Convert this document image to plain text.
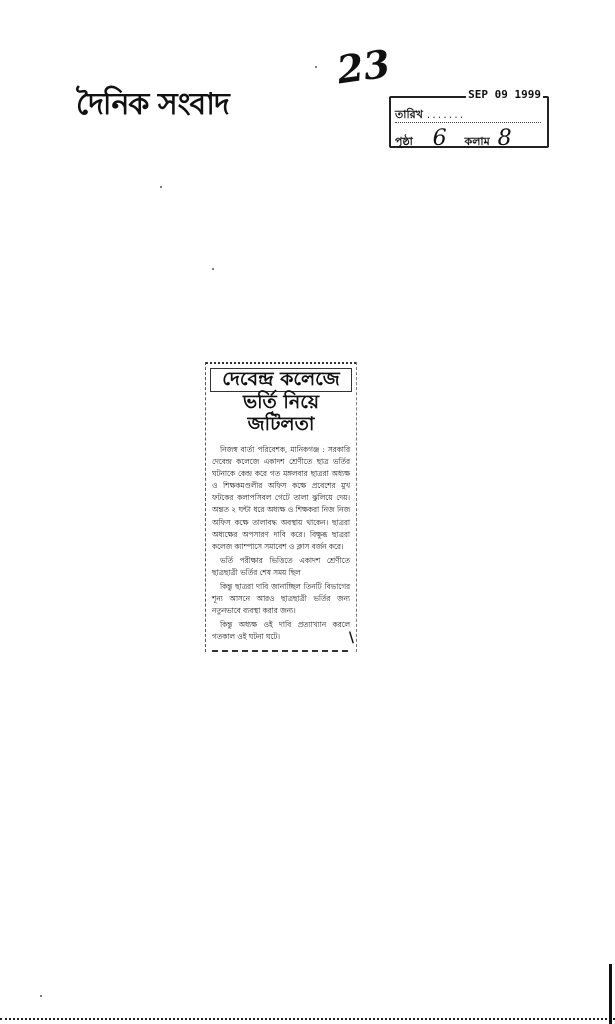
দৈনিক সংবাদ
23
SEP 09 1999
তারিখ .......
পৃষ্ঠা 6 কলাম 8
দেবেন্দ্র কলেজে
ভর্তি নিয়ে
জটিলতা

নিজস্ব বার্তা পরিবেশক, মানিকগঞ্জ : সরকারি দেবেন্দ্র কলেজে একাদশ শ্রেণীতে ছাত্র ভর্তির ঘটনাকে কেন্দ্র করে গত মঙ্গলবার ছাত্ররা অধ্যক্ষ ও শিক্ষকমণ্ডলীর অফিস কক্ষে প্রবেশের মুখ ফটকের কলাপসিবল গেটে তালা ঝুলিয়ে দেয়। অন্তত ২ ঘন্টা ধরে অধ্যক্ষ ও শিক্ষকরা নিজ নিজ অফিস কক্ষে তালাবদ্ধ অবস্থায় থাকেন। ছাত্ররা অধ্যক্ষের অপসারণ দাবি করে। বিক্ষুব্ধ ছাত্ররা কলেজ ক্যাম্পাসে সমাবেশ ও ক্লাস বর্জন করে।

ভর্তি পরীক্ষার ভিত্তিতে একাদশ শ্রেণীতে ছাত্রছাত্রী ভর্তির শেষ সময় ছিল

কিন্তু ছাত্ররা দাবি জানাচ্ছিল তিনটি বিভাগের শূন্য আসনে আরও ছাত্রছাত্রী ভর্তির জন্য নতুনভাবে ব্যবস্থা করার জন্য।

কিন্তু অধ্যক্ষ ওই দাবি প্রত্যাখ্যান করলে গতকাল ওই ঘটনা ঘটে।	\
